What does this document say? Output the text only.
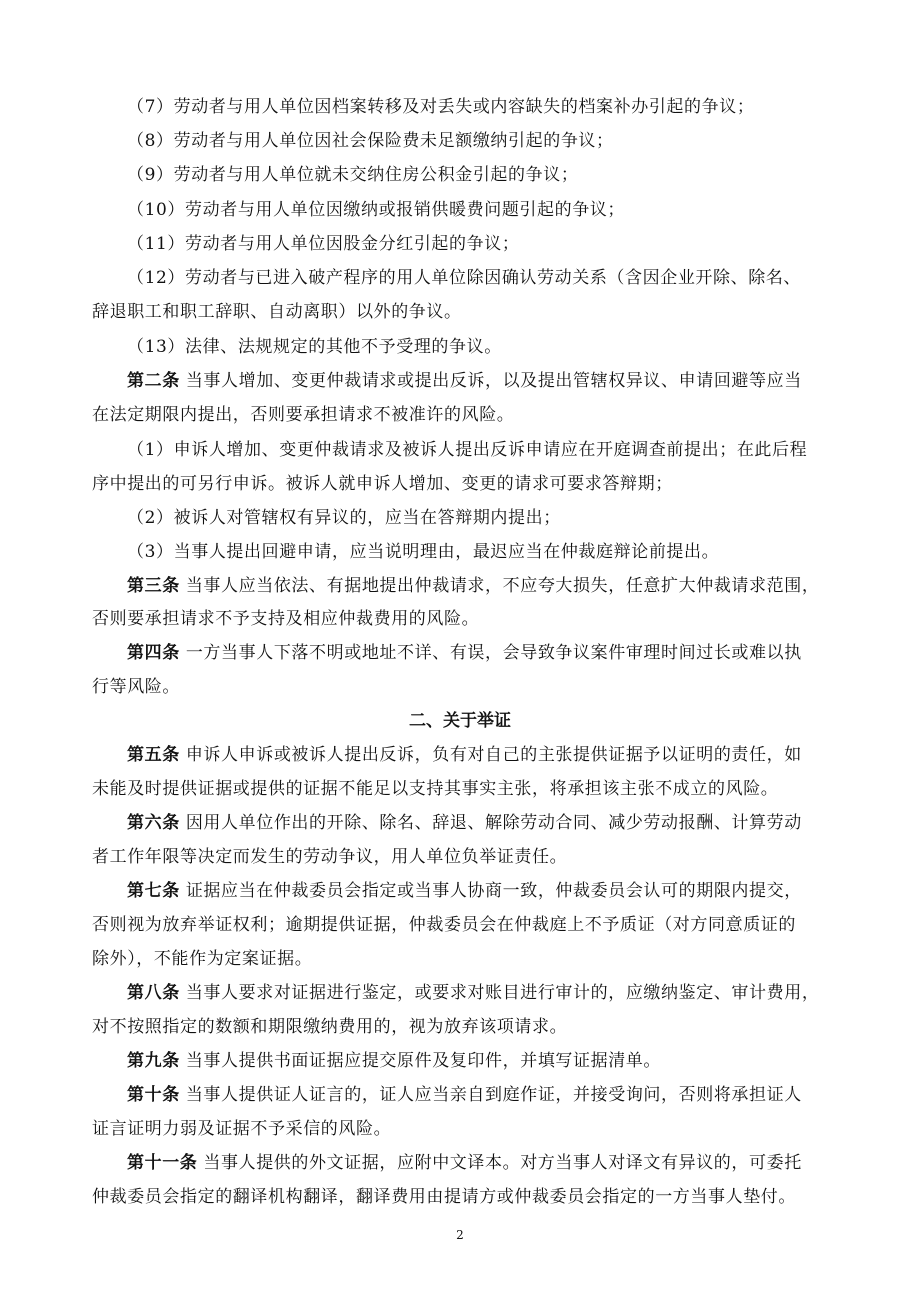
（7）劳动者与用人单位因档案转移及对丢失或内容缺失的档案补办引起的争议；
（8）劳动者与用人单位因社会保险费未足额缴纳引起的争议；
（9）劳动者与用人单位就未交纳住房公积金引起的争议；
（10）劳动者与用人单位因缴纳或报销供暖费问题引起的争议；
（11）劳动者与用人单位因股金分红引起的争议；
（12）劳动者与已进入破产程序的用人单位除因确认劳动关系（含因企业开除、除名、
辞退职工和职工辞职、自动离职）以外的争议。
（13）法律、法规规定的其他不予受理的争议。
第二条 当事人增加、变更仲裁请求或提出反诉，以及提出管辖权异议、申请回避等应当
在法定期限内提出，否则要承担请求不被准许的风险。
（1）申诉人增加、变更仲裁请求及被诉人提出反诉申请应在开庭调查前提出；在此后程
序中提出的可另行申诉。被诉人就申诉人增加、变更的请求可要求答辩期；
（2）被诉人对管辖权有异议的，应当在答辩期内提出；
（3）当事人提出回避申请，应当说明理由，最迟应当在仲裁庭辩论前提出。
第三条 当事人应当依法、有据地提出仲裁请求，不应夸大损失，任意扩大仲裁请求范围，
否则要承担请求不予支持及相应仲裁费用的风险。
第四条 一方当事人下落不明或地址不详、有误，会导致争议案件审理时间过长或难以执
行等风险。
二、关于举证
第五条 申诉人申诉或被诉人提出反诉，负有对自己的主张提供证据予以证明的责任，如
未能及时提供证据或提供的证据不能足以支持其事实主张，将承担该主张不成立的风险。
第六条 因用人单位作出的开除、除名、辞退、解除劳动合同、减少劳动报酬、计算劳动
者工作年限等决定而发生的劳动争议，用人单位负举证责任。
第七条 证据应当在仲裁委员会指定或当事人协商一致，仲裁委员会认可的期限内提交，
否则视为放弃举证权利；逾期提供证据，仲裁委员会在仲裁庭上不予质证（对方同意质证的
除外），不能作为定案证据。
第八条 当事人要求对证据进行鉴定，或要求对账目进行审计的，应缴纳鉴定、审计费用，
对不按照指定的数额和期限缴纳费用的，视为放弃该项请求。
第九条 当事人提供书面证据应提交原件及复印件，并填写证据清单。
第十条 当事人提供证人证言的，证人应当亲自到庭作证，并接受询问，否则将承担证人
证言证明力弱及证据不予采信的风险。
第十一条 当事人提供的外文证据，应附中文译本。对方当事人对译文有异议的，可委托
仲裁委员会指定的翻译机构翻译，翻译费用由提请方或仲裁委员会指定的一方当事人垫付。
2
